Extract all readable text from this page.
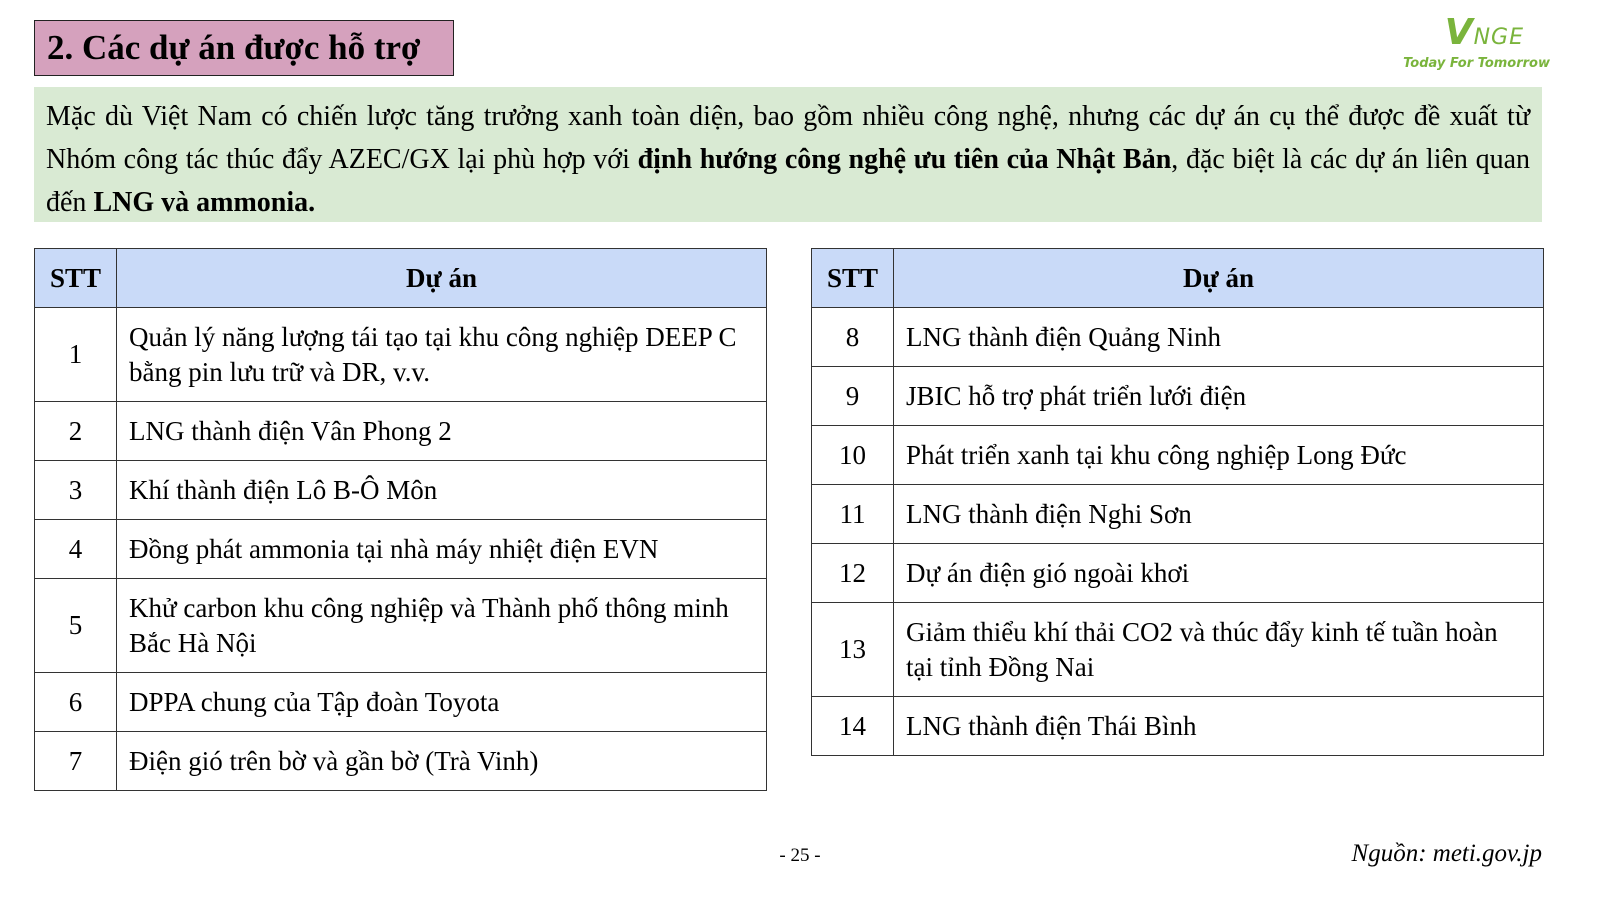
2. Các dự án được hỗ trợ	VNGE
Today For Tomorrow
Mặc dù Việt Nam có chiến lược tăng trưởng xanh toàn diện, bao gồm nhiều công nghệ, nhưng các dự án cụ thể được đề xuất từ Nhóm công tác thúc đẩy AZEC/GX lại phù hợp với định hướng công nghệ ưu tiên của Nhật Bản, đặc biệt là các dự án liên quan đến LNG và ammonia.
STT	Dự án
1	Quản lý năng lượng tái tạo tại khu công nghiệp DEEP C bằng pin lưu trữ và DR, v.v.
2	LNG thành điện Vân Phong 2
3	Khí thành điện Lô B-Ô Môn
4	Đồng phát ammonia tại nhà máy nhiệt điện EVN
5	Khử carbon khu công nghiệp và Thành phố thông minh Bắc Hà Nội
6	DPPA chung của Tập đoàn Toyota
7	Điện gió trên bờ và gần bờ (Trà Vinh)
STT	Dự án
8	LNG thành điện Quảng Ninh
9	JBIC hỗ trợ phát triển lưới điện
10	Phát triển xanh tại khu công nghiệp Long Đức
11	LNG thành điện Nghi Sơn
12	Dự án điện gió ngoài khơi
13	Giảm thiểu khí thải CO2 và thúc đẩy kinh tế tuần hoàn tại tỉnh Đồng Nai
14	LNG thành điện Thái Bình
- 25 -	Nguồn: meti.gov.jp
